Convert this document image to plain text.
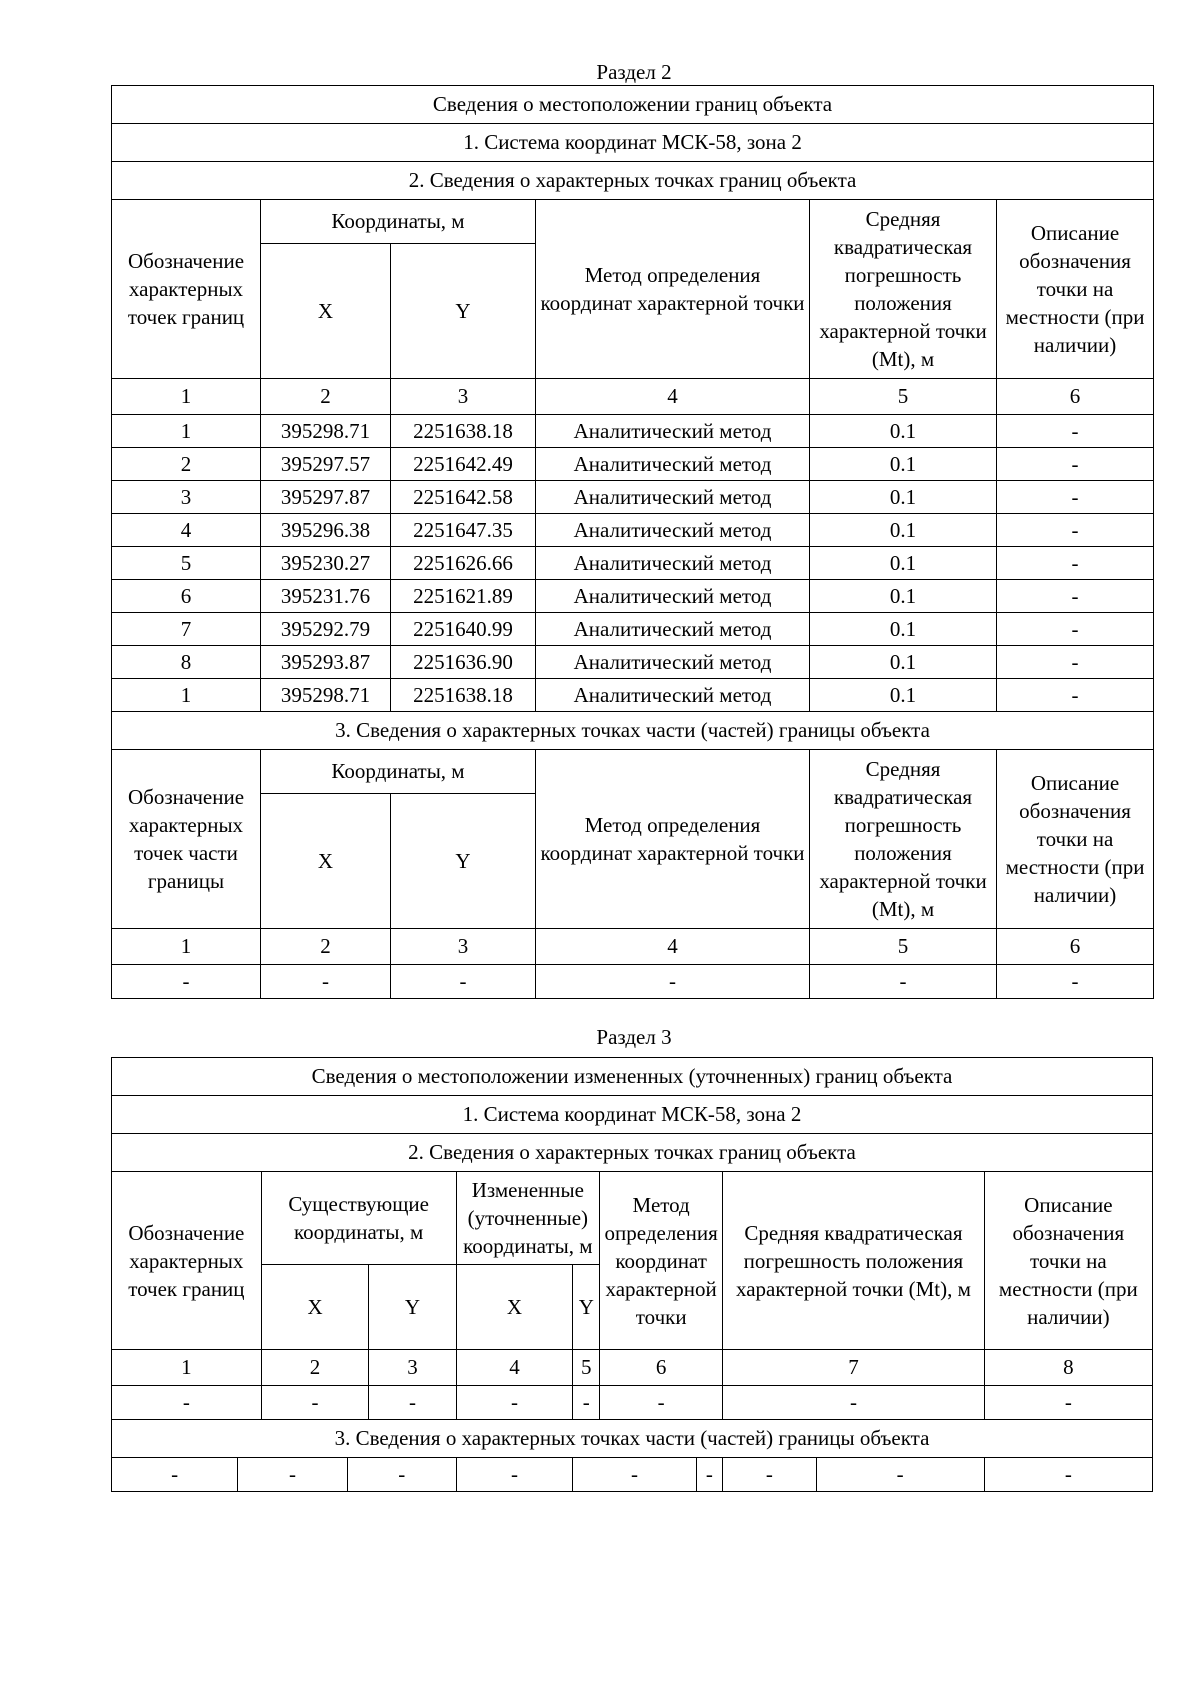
Раздел 2
Сведения о местоположении границ объекта					
1. Система координат МСК-58, зона 2					
2. Сведения о характерных точках границ объекта					
Обозначение характерных точек границ	Координаты, м		Метод определения координат характерной точки	Средняя квадратическая погрешность положения характерной точки (Mt), м	Описание обозначения точки на местности (при наличии)
	X	Y			
1	2	3	4	5	6
1	395298.71	2251638.18	Аналитический метод	0.1	-
2	395297.57	2251642.49	Аналитический метод	0.1	-
3	395297.87	2251642.58	Аналитический метод	0.1	-
4	395296.38	2251647.35	Аналитический метод	0.1	-
5	395230.27	2251626.66	Аналитический метод	0.1	-
6	395231.76	2251621.89	Аналитический метод	0.1	-
7	395292.79	2251640.99	Аналитический метод	0.1	-
8	395293.87	2251636.90	Аналитический метод	0.1	-
1	395298.71	2251638.18	Аналитический метод	0.1	-
3. Сведения о характерных точках части (частей) границы объекта					
Обозначение характерных точек части границы	Координаты, м		Метод определения координат характерной точки	Средняя квадратическая погрешность положения характерной точки (Mt), м	Описание обозначения точки на местности (при наличии)
	X	Y			
1	2	3	4	5	6
-	-	-	-	-	-
Раздел 3
Сведения о местоположении измененных (уточненных) границ объекта											
1. Система координат МСК-58, зона 2											
2. Сведения о характерных точках границ объекта											
Обозначение характерных точек границ		Существующие координаты, м			Измененные (уточненные) координаты, м		Метод определения координат характерной точки		Средняя квадратическая погрешность положения характерной точки (Mt), м		Описание обозначения точки на местности (при наличии)
		X		Y	X	Y					
1		2		3	4	5	6		7		8
-		-		-	-	-	-		-		-
3. Сведения о характерных точках части (частей) границы объекта											
-	-		-		-	-		-	-	-	-
